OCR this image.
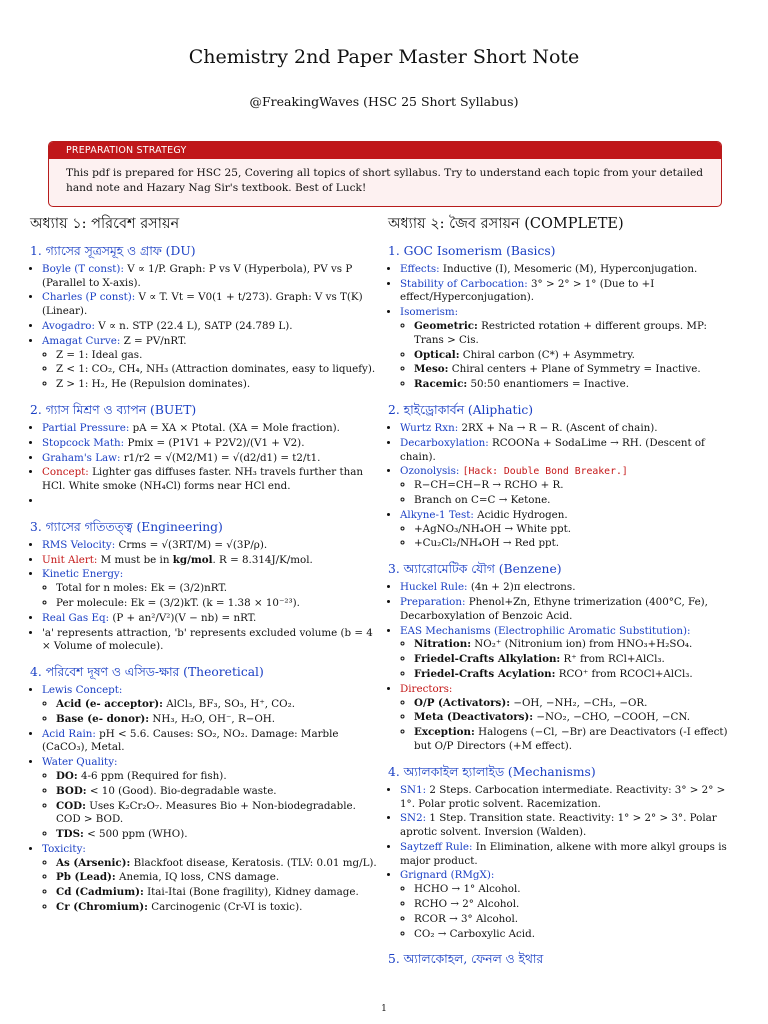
Chemistry 2nd Paper Master Short Note
@FreakingWaves (HSC 25 Short Syllabus)
PREPARATION STRATEGY
This pdf is prepared for HSC 25, Covering all topics of short syllabus. Try to understand each topic from your detailed hand note and Hazary Nag Sir's textbook. Best of Luck!
অধ্যায় ১: পরিবেশ রসায়ন
1. গ্যাসের সূত্রসমূহ ও গ্রাফ (DU)
• Boyle (T const): V ∝ 1/P. Graph: P vs V (Hyperbola), PV vs P (Parallel to X-axis).
• Charles (P const): V ∝ T. Vt = V0(1 + t/273). Graph: V vs T(K) (Linear).
• Avogadro: V ∝ n. STP (22.4 L), SATP (24.789 L).
• Amagat Curve: Z = PV/nRT.
◦ Z = 1: Ideal gas.
◦ Z < 1: CO₂, CH₄, NH₃ (Attraction dominates, easy to liquefy).
◦ Z > 1: H₂, He (Repulsion dominates).
2. গ্যাস মিশ্রণ ও ব্যাপন (BUET)
• Partial Pressure: pA = XA × Ptotal. (XA = Mole fraction).
• Stopcock Math: Pmix = (P1V1 + P2V2)/(V1 + V2).
• Graham's Law: r1/r2 = √(M2/M1) = √(d2/d1) = t2/t1.
• Concept: Lighter gas diffuses faster. NH₃ travels further than HCl. White smoke (NH₄Cl) forms near HCl end.
•
3. গ্যাসের গতিতত্ত্ব (Engineering)
• RMS Velocity: Crms = √(3RT/M) = √(3P/ρ).
• Unit Alert: M must be in kg/mol. R = 8.314J/K/mol.
• Kinetic Energy:
◦ Total for n moles: Ek = (3/2)nRT.
◦ Per molecule: Ek = (3/2)kT. (k = 1.38 × 10⁻²³).
• Real Gas Eq: (P + an²/V²)(V − nb) = nRT.
• 'a' represents attraction, 'b' represents excluded volume (b = 4 × Volume of molecule).
4. পরিবেশ দূষণ ও এসিড-ক্ষার (Theoretical)
• Lewis Concept:
◦ Acid (e- acceptor): AlCl₃, BF₃, SO₃, H⁺, CO₂.
◦ Base (e- donor): NH₃, H₂O, OH⁻, R−OH.
• Acid Rain: pH < 5.6. Causes: SO₂, NO₂. Damage: Marble (CaCO₃), Metal.
• Water Quality:
◦ DO: 4-6 ppm (Required for fish).
◦ BOD: < 10 (Good). Bio-degradable waste.
◦ COD: Uses K₂Cr₂O₇. Measures Bio + Non-biodegradable. COD > BOD.
◦ TDS: < 500 ppm (WHO).
• Toxicity:
◦ As (Arsenic): Blackfoot disease, Keratosis. (TLV: 0.01 mg/L).
◦ Pb (Lead): Anemia, IQ loss, CNS damage.
◦ Cd (Cadmium): Itai-Itai (Bone fragility), Kidney damage.
◦ Cr (Chromium): Carcinogenic (Cr-VI is toxic).
অধ্যায় ২: জৈব রসায়ন (COMPLETE)
1. GOC Isomerism (Basics)
• Effects: Inductive (I), Mesomeric (M), Hyperconjugation.
• Stability of Carbocation: 3° > 2° > 1° (Due to +I effect/Hyperconjugation).
• Isomerism:
◦ Geometric: Restricted rotation + different groups. MP: Trans > Cis.
◦ Optical: Chiral carbon (C*) + Asymmetry.
◦ Meso: Chiral centers + Plane of Symmetry = Inactive.
◦ Racemic: 50:50 enantiomers = Inactive.
2. হাইড্রোকার্বন (Aliphatic)
• Wurtz Rxn: 2RX + Na → R − R. (Ascent of chain).
• Decarboxylation: RCOONa + SodaLime → RH. (Descent of chain).
• Ozonolysis: [Hack: Double Bond Breaker.]
◦ R−CH=CH−R → RCHO + R.
◦ Branch on C=C → Ketone.
• Alkyne-1 Test: Acidic Hydrogen.
◦ +AgNO₃/NH₄OH → White ppt.
◦ +Cu₂Cl₂/NH₄OH → Red ppt.
3. অ্যারোমেটিক যৌগ (Benzene)
• Huckel Rule: (4n + 2)π electrons.
• Preparation: Phenol+Zn, Ethyne trimerization (400°C, Fe), Decarboxylation of Benzoic Acid.
• EAS Mechanisms (Electrophilic Aromatic Substitution):
◦ Nitration: NO₂⁺ (Nitronium ion) from HNO₃+H₂SO₄.
◦ Friedel-Crafts Alkylation: R⁺ from RCl+AlCl₃.
◦ Friedel-Crafts Acylation: RCO⁺ from RCOCl+AlCl₃.
• Directors:
◦ O/P (Activators): −OH, −NH₂, −CH₃, −OR.
◦ Meta (Deactivators): −NO₂, −CHO, −COOH, −CN.
◦ Exception: Halogens (−Cl, −Br) are Deactivators (-I effect) but O/P Directors (+M effect).
4. অ্যালকাইল হ্যালাইড (Mechanisms)
• SN1: 2 Steps. Carbocation intermediate. Reactivity: 3° > 2° > 1°. Polar protic solvent. Racemization.
• SN2: 1 Step. Transition state. Reactivity: 1° > 2° > 3°. Polar aprotic solvent. Inversion (Walden).
• Saytzeff Rule: In Elimination, alkene with more alkyl groups is major product.
• Grignard (RMgX):
◦ HCHO → 1° Alcohol.
◦ RCHO → 2° Alcohol.
◦ RCOR → 3° Alcohol.
◦ CO₂ → Carboxylic Acid.
5. অ্যালকোহল, ফেনল ও ইথার
1
